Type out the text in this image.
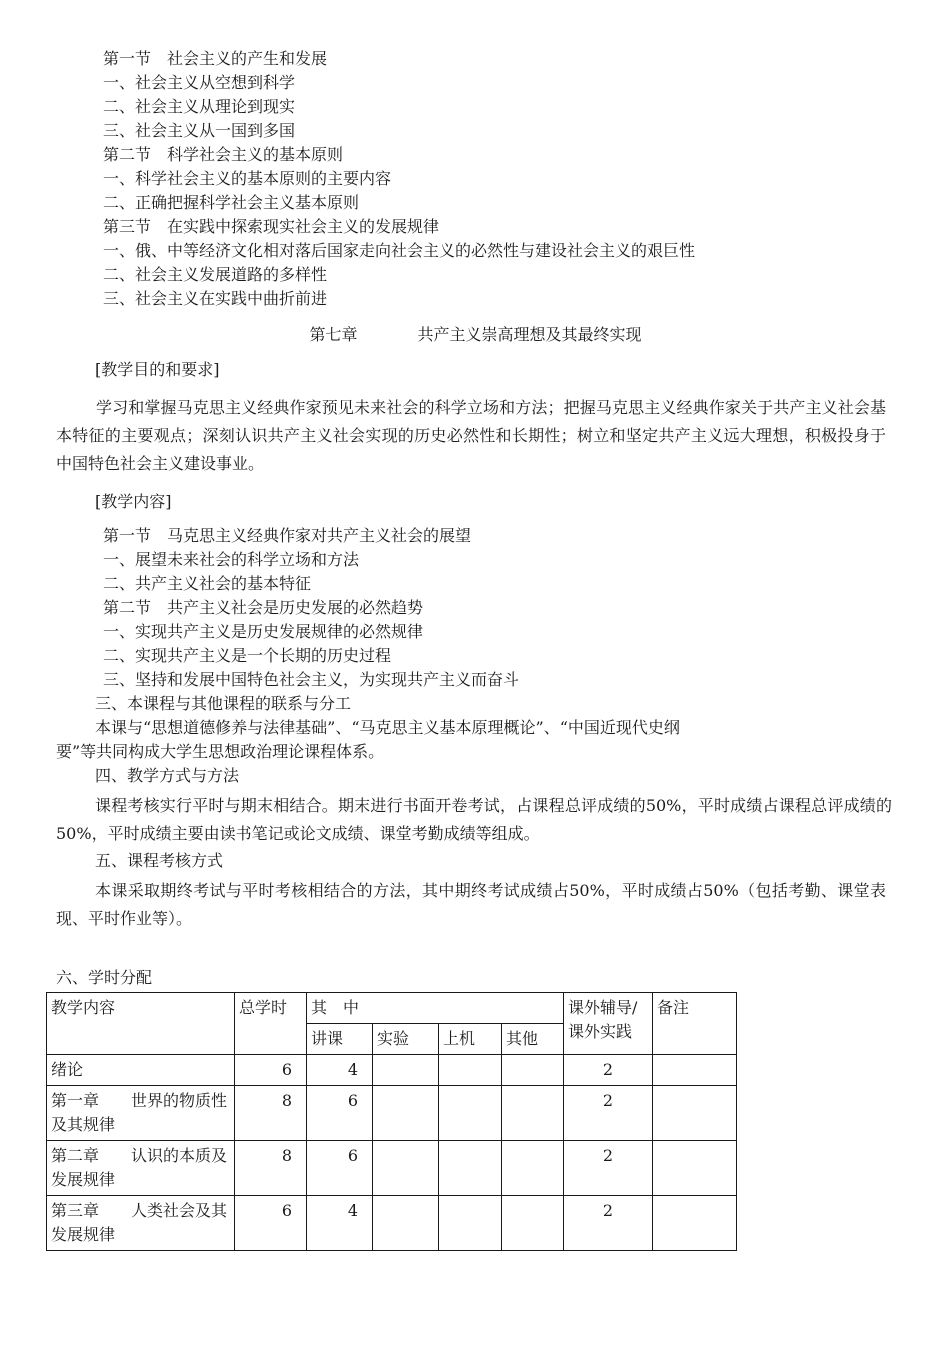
第一节　社会主义的产生和发展
一、社会主义从空想到科学
二、社会主义从理论到现实
三、社会主义从一国到多国
第二节　科学社会主义的基本原则
一、科学社会主义的基本原则的主要内容
二、正确把握科学社会主义基本原则
第三节　在实践中探索现实社会主义的发展规律
一、俄、中等经济文化相对落后国家走向社会主义的必然性与建设社会主义的艰巨性
二、社会主义发展道路的多样性
三、社会主义在实践中曲折前进
第七章	共产主义崇高理想及其最终实现
[教学目的和要求]
学习和掌握马克思主义经典作家预见未来社会的科学立场和方法；把握马克思主义经典作家关于共产主义社会基本特征的主要观点；深刻认识共产主义社会实现的历史必然性和长期性；树立和坚定共产主义远大理想，积极投身于中国特色社会主义建设事业。
[教学内容]
第一节　马克思主义经典作家对共产主义社会的展望
一、展望未来社会的科学立场和方法
二、共产主义社会的基本特征
第二节　共产主义社会是历史发展的必然趋势
一、实现共产主义是历史发展规律的必然规律
二、实现共产主义是一个长期的历史过程
三、坚持和发展中国特色社会主义，为实现共产主义而奋斗
三、本课程与其他课程的联系与分工
本课与“思想道德修养与法律基础”、“马克思主义基本原理概论”、“中国近现代史纲
要”等共同构成大学生思想政治理论课程体系。
四、教学方式与方法
课程考核实行平时与期末相结合。期末进行书面开卷考试，占课程总评成绩的50%，平时成绩占课程总评成绩的50%，平时成绩主要由读书笔记或论文成绩、课堂考勤成绩等组成。
五、课程考核方式
本课采取期终考试与平时考核相结合的方法，其中期终考试成绩占50%，平时成绩占50%（包括考勤、课堂表现、平时作业等）。
六、学时分配
教学内容	总学时	其　中				课外辅导/课外实践	备注
		讲课	实验	上机	其他		
绪论	6	4				2	
第一章　　世界的物质性及其规律	8	6				2	
第二章　　认识的本质及发展规律	8	6				2	
第三章　　人类社会及其发展规律	6	4				2	
